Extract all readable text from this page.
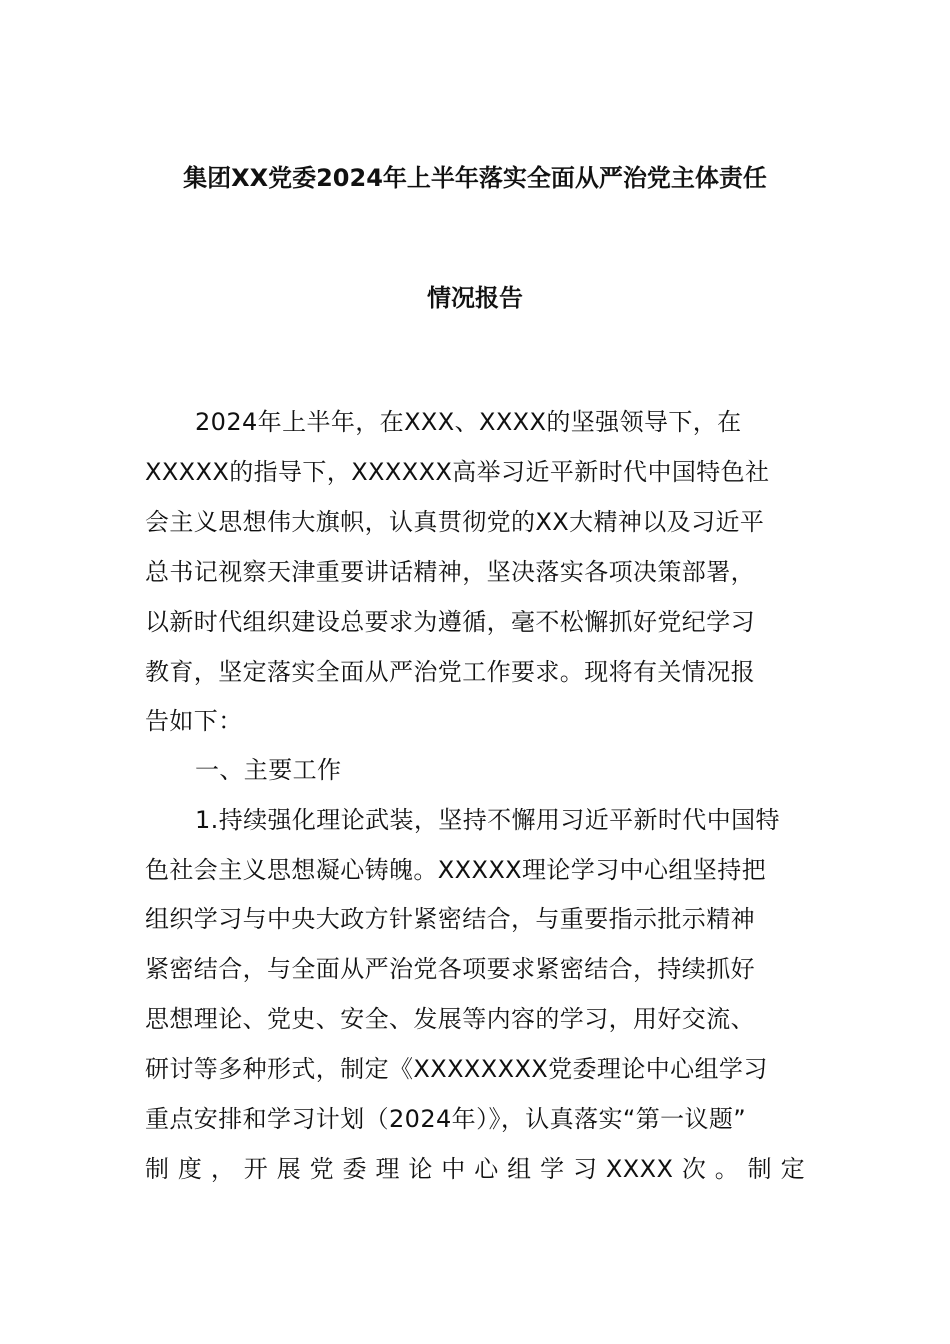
集团XX党委2024年上半年落实全面从严治党主体责任
情况报告
2024年上半年，在XXX、XXXX的坚强领导下，在
XXXXX的指导下，XXXXXX高举习近平新时代中国特色社
会主义思想伟大旗帜，认真贯彻党的XX大精神以及习近平
总书记视察天津重要讲话精神，坚决落实各项决策部署，
以新时代组织建设总要求为遵循，毫不松懈抓好党纪学习
教育，坚定落实全面从严治党工作要求。现将有关情况报
告如下：
一、主要工作
1.持续强化理论武装，坚持不懈用习近平新时代中国特
色社会主义思想凝心铸魄。XXXXX理论学习中心组坚持把
组织学习与中央大政方针紧密结合，与重要指示批示精神
紧密结合，与全面从严治党各项要求紧密结合，持续抓好
思想理论、党史、安全、发展等内容的学习，用好交流、
研讨等多种形式，制定《XXXXXXXX党委理论中心组学习
重点安排和学习计划（2024年）》，认真落实“第一议题”
制度，开展党委理论中心组学习XXXX次。制定
